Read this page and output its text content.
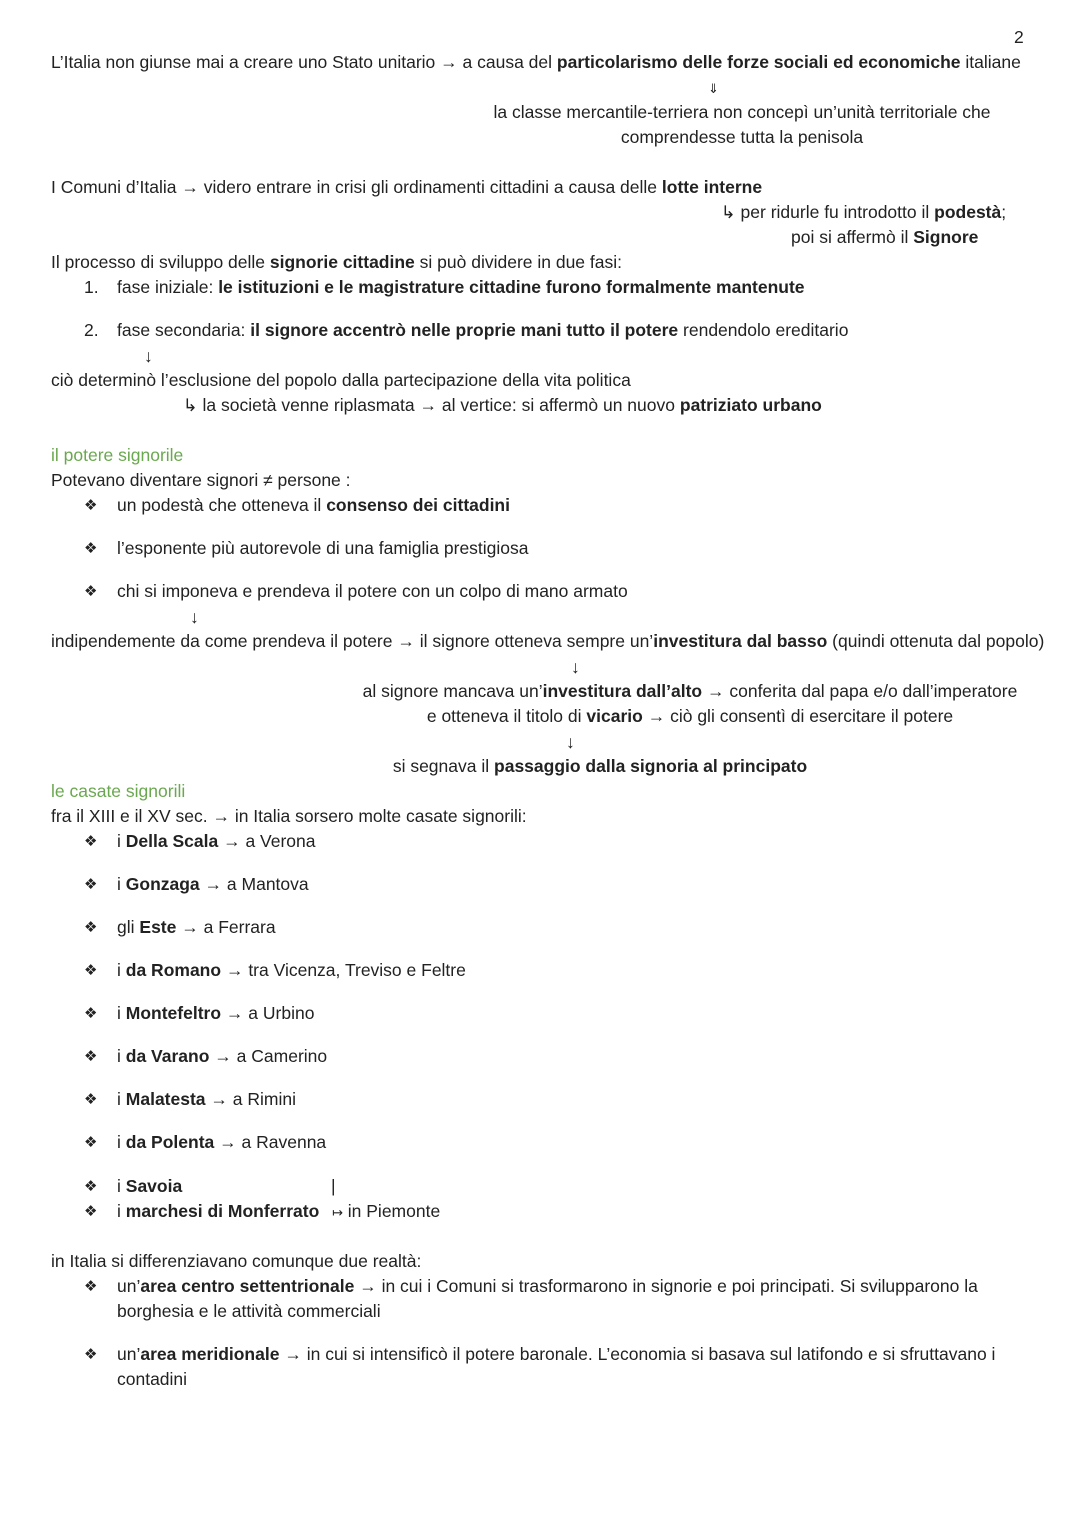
2
L’Italia non giunse mai a creare uno Stato unitario → a causa del particolarismo delle forze sociali ed economiche italiane
⇓
la classe mercantile-terriera non concepì un’unità territoriale che
comprendesse tutta la penisola
I Comuni d’Italia → videro entrare in crisi gli ordinamenti cittadini a causa delle lotte interne
↳ per ridurle fu introdotto il podestà;
poi si affermò il Signore
Il processo di sviluppo delle signorie cittadine si può dividere in due fasi:
1. fase iniziale: le istituzioni e le magistrature cittadine furono formalmente mantenute
2. fase secondaria: il signore accentrò nelle proprie mani tutto il potere rendendolo ereditario
↓
ciò determinò l’esclusione del popolo dalla partecipazione della vita politica
↳ la società venne riplasmata → al vertice: si affermò un nuovo patriziato urbano
il potere signorile
Potevano diventare signori ≠ persone :
❖ un podestà che otteneva il consenso dei cittadini
❖ l’esponente più autorevole di una famiglia prestigiosa
❖ chi si imponeva e prendeva il potere con un colpo di mano armato
↓
indipendemente da come prendeva il potere → il signore otteneva sempre un’investitura dal basso (quindi ottenuta dal popolo)
↓
al signore mancava un’investitura dall’alto → conferita dal papa e/o dall’imperatore
e otteneva il titolo di vicario → ciò gli consentì di esercitare il potere
↓
si segnava il passaggio dalla signoria al principato
le casate signorili
fra il XIII e il XV sec. → in Italia sorsero molte casate signorili:
❖ i Della Scala → a Verona
❖ i Gonzaga → a Mantova
❖ gli Este → a Ferrara
❖ i da Romano → tra Vicenza, Treviso e Feltre
❖ i Montefeltro → a Urbino
❖ i da Varano → a Camerino
❖ i Malatesta → a Rimini
❖ i da Polenta → a Ravenna
❖ i Savoia	|
❖ i marchesi di Monferrato ↦ in Piemonte
in Italia si differenziavano comunque due realtà:
❖ un’area centro settentrionale → in cui i Comuni si trasformarono in signorie e poi principati. Si svilupparono la
borghesia e le attività commerciali
❖ un’area meridionale → in cui si intensificò il potere baronale. L’economia si basava sul latifondo e si sfruttavano i
contadini
